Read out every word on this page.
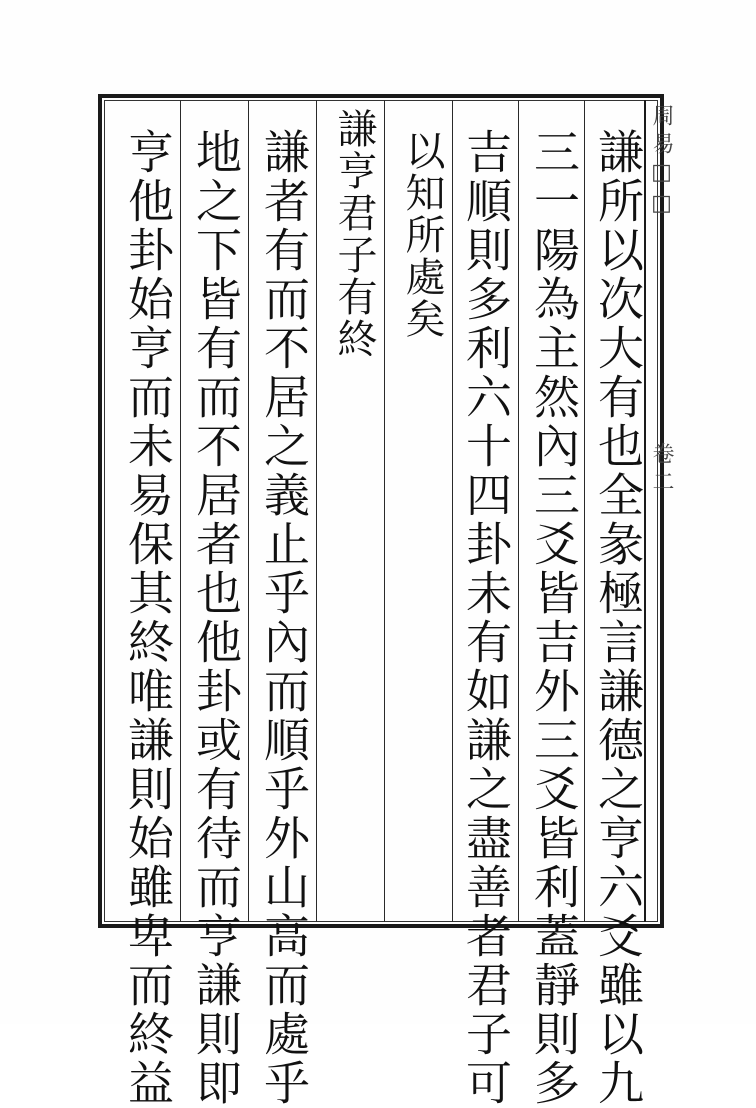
周易□□
卷二
謙所以次大有也全彖極言謙德之亨六爻雖以九
三一陽為主然內三爻皆吉外三爻皆利蓋靜則多
吉順則多利六十四卦未有如謙之盡善者君子可
以知所處矣
謙亨君子有終
謙者有而不居之義止乎內而順乎外山高而處乎
地之下皆有而不居者也他卦或有待而亨謙則即
亨他卦始亨而未易保其終唯謙則始雖卑而終益
